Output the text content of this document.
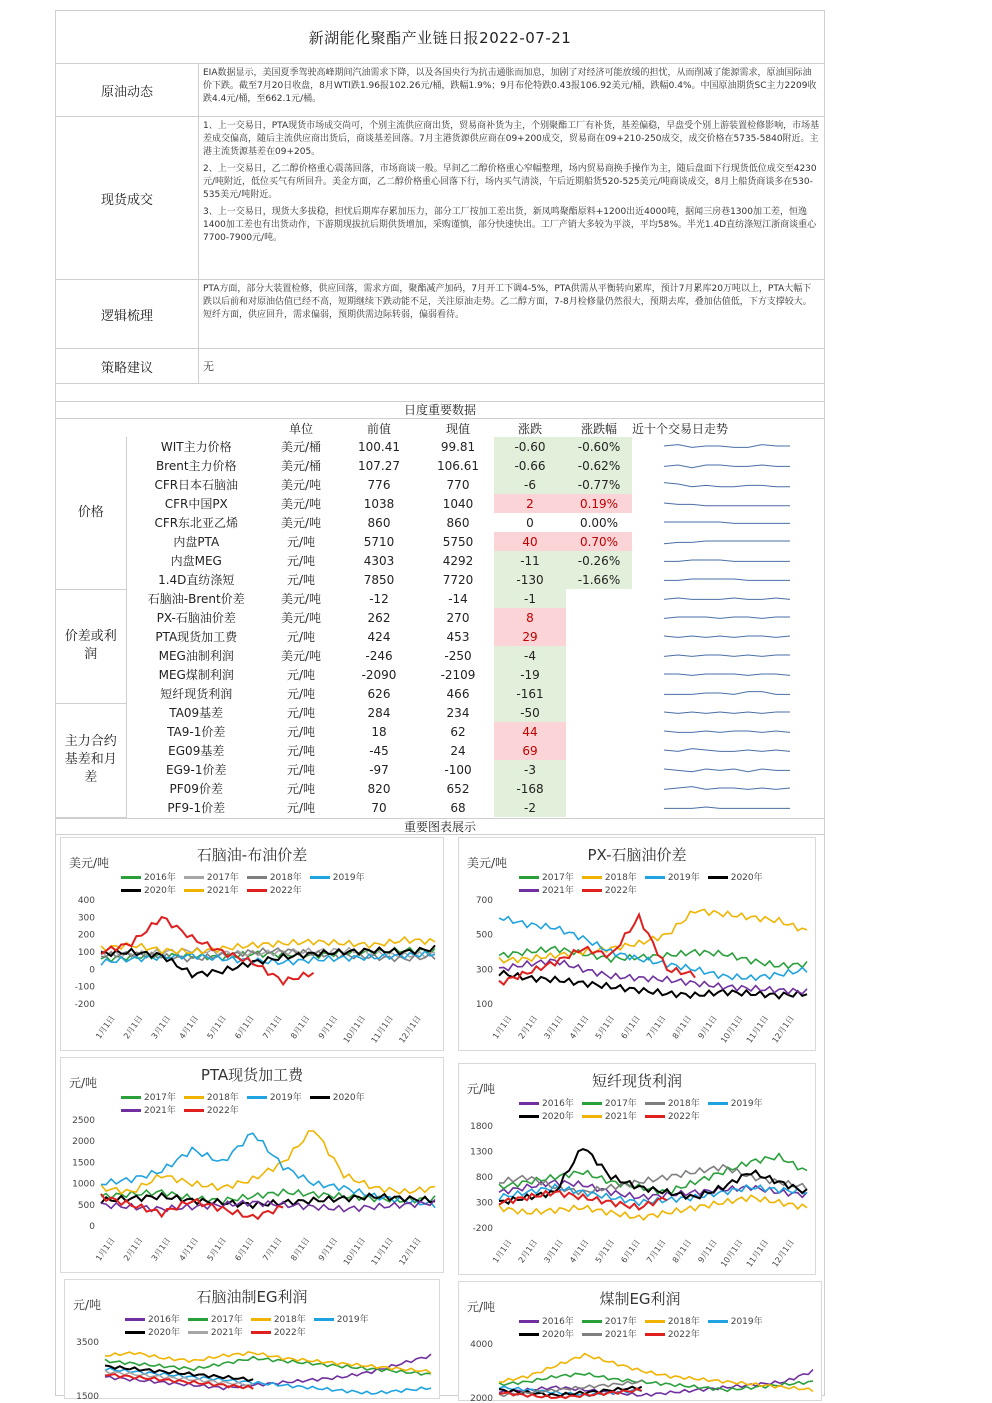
新湖能化聚酯产业链日报2022-07-21
原油动态

EIA数据显示，美国夏季驾驶高峰期间汽油需求下降，以及各国央行为抗击通胀而加息，加剧了对经济可能放缓的担忧，从而削减了能源需求，原油国际油价下跌。截至7月20日收盘，8月WTI跌1.96报102.26元/桶，跌幅1.9%；9月布伦特跌0.43报106.92美元/桶，跌幅0.4%。中国原油期货SC主力2209收跌4.4元/桶，至662.1元/桶。

现货成交

1、上一交易日，PTA现货市场成交尚可，个别主流供应商出货，贸易商补货为主，个别聚酯工厂有补货，基差偏稳，早盘受个别上游装置检修影响，市场基差成交偏高，随后主流供应商出货后，商谈基差回落。7月主港货源供应商在09+200成交，贸易商在09+210-250成交，成交价格在5735-5840附近。主港主流货源基差在09+205。

2、上一交易日，乙二醇价格重心震荡回落，市场商谈一般。早间乙二醇价格重心窄幅整理，场内贸易商换手操作为主，随后盘面下行现货低位成交至4230元/吨附近，低位买气有所回升。美金方面，乙二醇价格重心回落下行，场内买气清淡，午后近期船货520-525美元/吨商谈成交，8月上船货商谈多在530-535美元/吨附近。

3、上一交易日，现货大多拔稳，担忧后期库存累加压力，部分工厂按加工差出货，新凤鸣聚酯原料+1200出近4000吨，据闻三房巷1300加工差，恒逸1400加工差也有出货动作，下游期现拔抗后期供货增加，采购谨慎，部分快速快出。工厂产销大多较为平淡，平均58%。半光1.4D直纺涤短江浙商谈重心7700-7900元/吨。

逻辑梳理

PTA方面，部分大装置检修，供应回落，需求方面，聚酯减产加码，7月开工下调4-5%，PTA供需从平衡转向累库，预计7月累库20万吨以上，PTA大幅下跌以后前和对原油估值已经不高，短期继续下跌动能不足，关注原油走势。乙二醇方面，7-8月检修量仍然很大，预期去库，叠加估值低，下方支撑较大。短纤方面，供应回升，需求偏弱，预期供需边际转弱，偏弱看待。

策略建议	无
日度重要数据
		单位	前值	现值	涨跌	涨跌幅	近十个交易日走势
价格	WIT主力价格	美元/桶	100.41	99.81	-0.60	-0.60%	
	Brent主力价格	美元/桶	107.27	106.61	-0.66	-0.62%	
	CFR日本石脑油	美元/吨	776	770	-6	-0.77%	
	CFR中国PX	美元/吨	1038	1040	2	0.19%	
	CFR东北亚乙烯	美元/吨	860	860	0	0.00%	
	内盘PTA	元/吨	5710	5750	40	0.70%	
	内盘MEG	元/吨	4303	4292	-11	-0.26%	
	1.4D直纺涤短	元/吨	7850	7720	-130	-1.66%	
价差或利润	石脑油-Brent价差	美元/吨	-12	-14	-1		
	PX-石脑油价差	美元/吨	262	270	8		
	PTA现货加工费	元/吨	424	453	29		
	MEG油制利润	美元/吨	-246	-250	-4		
	MEG煤制利润	元/吨	-2090	-2109	-19		
	短纤现货利润	元/吨	626	466	-161		
主力合约基差和月差	TA09基差	元/吨	284	234	-50		
	TA9-1价差	元/吨	18	62	44		
	EG09基差	元/吨	-45	24	69		
	EG9-1价差	元/吨	-97	-100	-3		
	PF09价差	元/吨	820	652	-168		
	PF9-1价差	元/吨	70	68	-2		
重要图表展示
石脑油-布油价差
美元/吨
2016年	2017年	2018年	2019年2020年	2021年	2022年
400
300
200
100
0
-100
-200
1月1日 2月1日 3月1日 4月1日 5月1日 6月1日 7月1日 8月1日 9月1日 10月1日 11月1日 12月1日
PX-石脑油价差
美元/吨
2017年	2018年	2019年	2020年2021年	2022年
700
500
300
100
1月1日 2月1日 3月1日 4月1日 5月1日 6月1日 7月1日 8月1日 9月1日 10月1日 11月1日 12月1日
PTA现货加工费
元/吨
2017年	2018年	2019年	2020年2021年	2022年
2500
2000
1500
1000
500
0
1月1日 2月1日 3月1日 4月1日 5月1日 6月1日 7月1日 8月1日 9月1日 10月1日 11月1日 12月1日
短纤现货利润
元/吨
2016年	2017年	2018年	2019年2020年	2021年	2022年
1800
1300
800
300
-200
1月1日 2月1日 3月1日 4月1日 5月1日 6月1日 7月1日 8月1日 9月1日 10月1日 11月1日 12月1日
石脑油制EG利润
元/吨
2016年	2017年	2018年	2019年2020年	2021年	2022年
3500
1500
煤制EG利润
元/吨
2016年	2017年	2018年	2019年2020年	2021年	2022年
4000
2000
